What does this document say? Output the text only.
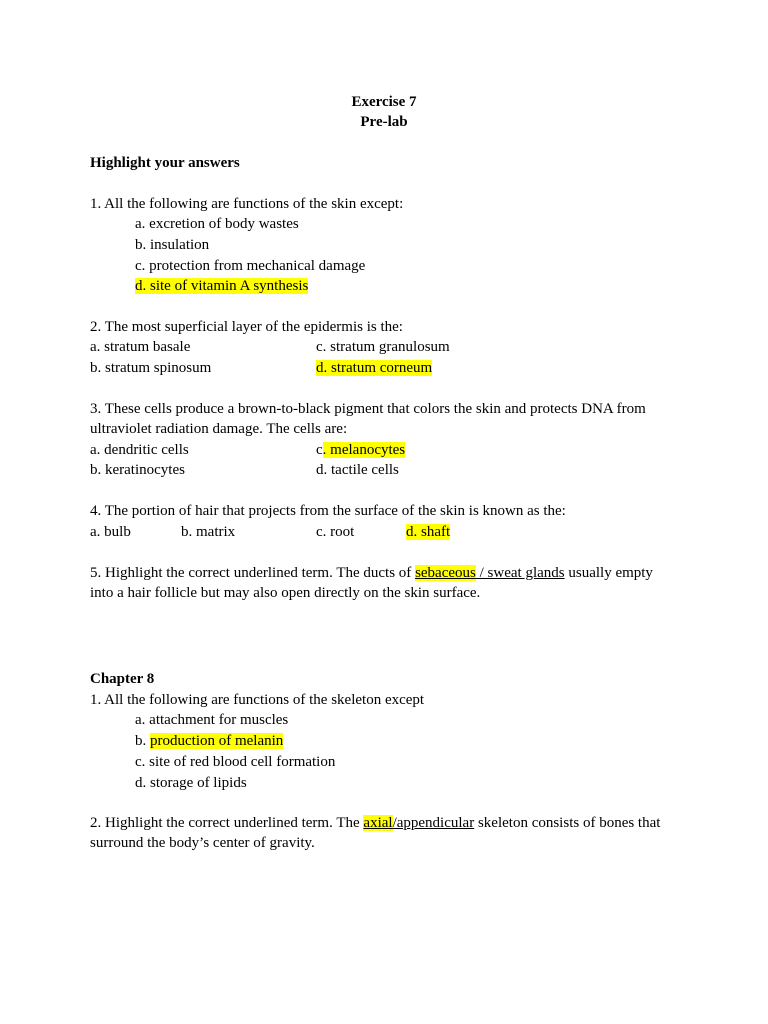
Exercise 7
Pre-lab
Highlight your answers
1. All the following are functions of the skin except:
a. excretion of body wastes
b. insulation
c. protection from mechanical damage
d. site of vitamin A synthesis
2. The most superficial layer of the epidermis is the:
a. stratum basale	c. stratum granulosum
b. stratum spinosum	d. stratum corneum
3. These cells produce a brown-to-black pigment that colors the skin and protects DNA from
ultraviolet radiation damage. The cells are:
a. dendritic cells	c. melanocytes
b. keratinocytes	d. tactile cells
4. The portion of hair that projects from the surface of the skin is known as the:
a. bulb	b. matrix	c. root	d. shaft
5. Highlight the correct underlined term. The ducts of sebaceous / sweat glands usually empty
into a hair follicle but may also open directly on the skin surface.
Chapter 8
1. All the following are functions of the skeleton except
a. attachment for muscles
b. production of melanin
c. site of red blood cell formation
d. storage of lipids
2. Highlight the correct underlined term. The axial/appendicular skeleton consists of bones that
surround the body’s center of gravity.
